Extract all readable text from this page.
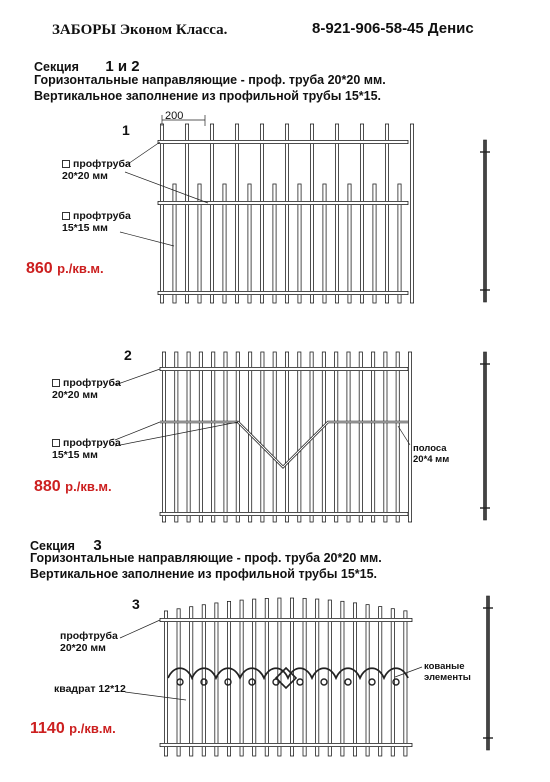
ЗАБОРЫ Эконом Класса.	8-921-906-58-45 Денис
Секция 1 и 2
Горизонтальные направляющие - проф. труба 20*20 мм.
Вертикальное заполнение из профильной трубы 15*15.
Секция 3
Горизонтальные направляющие - проф. труба 20*20 мм.
Вертикальное заполнение из профильной трубы 15*15.
1
200
профтруба 20*20 мм
профтруба 15*15 мм
860 р./кв.м.
2
профтруба 20*20 мм
профтруба 15*15 мм
полоса 20*4 мм
880 р./кв.м.
3
профтруба 20*20 мм
квадрат 12*12
кованые элементы
1140 р./кв.м.
